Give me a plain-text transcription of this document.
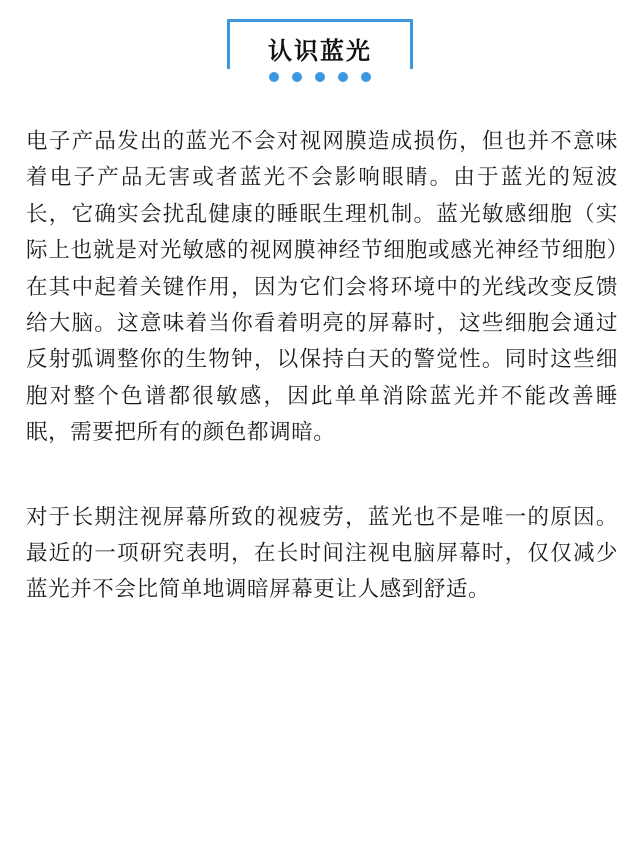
认识蓝光

电子产品发出的蓝光不会对视网膜造成损伤，但也并不意味着电子产品无害或者蓝光不会影响眼睛。由于蓝光的短波长，它确实会扰乱健康的睡眠生理机制。蓝光敏感细胞（实际上也就是对光敏感的视网膜神经节细胞或感光神经节细胞）在其中起着关键作用，因为它们会将环境中的光线改变反馈给大脑。这意味着当你看着明亮的屏幕时，这些细胞会通过反射弧调整你的生物钟，以保持白天的警觉性。同时这些细胞对整个色谱都很敏感，因此单单消除蓝光并不能改善睡眠，需要把所有的颜色都调暗。

对于长期注视屏幕所致的视疲劳，蓝光也不是唯一的原因。最近的一项研究表明，在长时间注视电脑屏幕时，仅仅减少蓝光并不会比简单地调暗屏幕更让人感到舒适。
